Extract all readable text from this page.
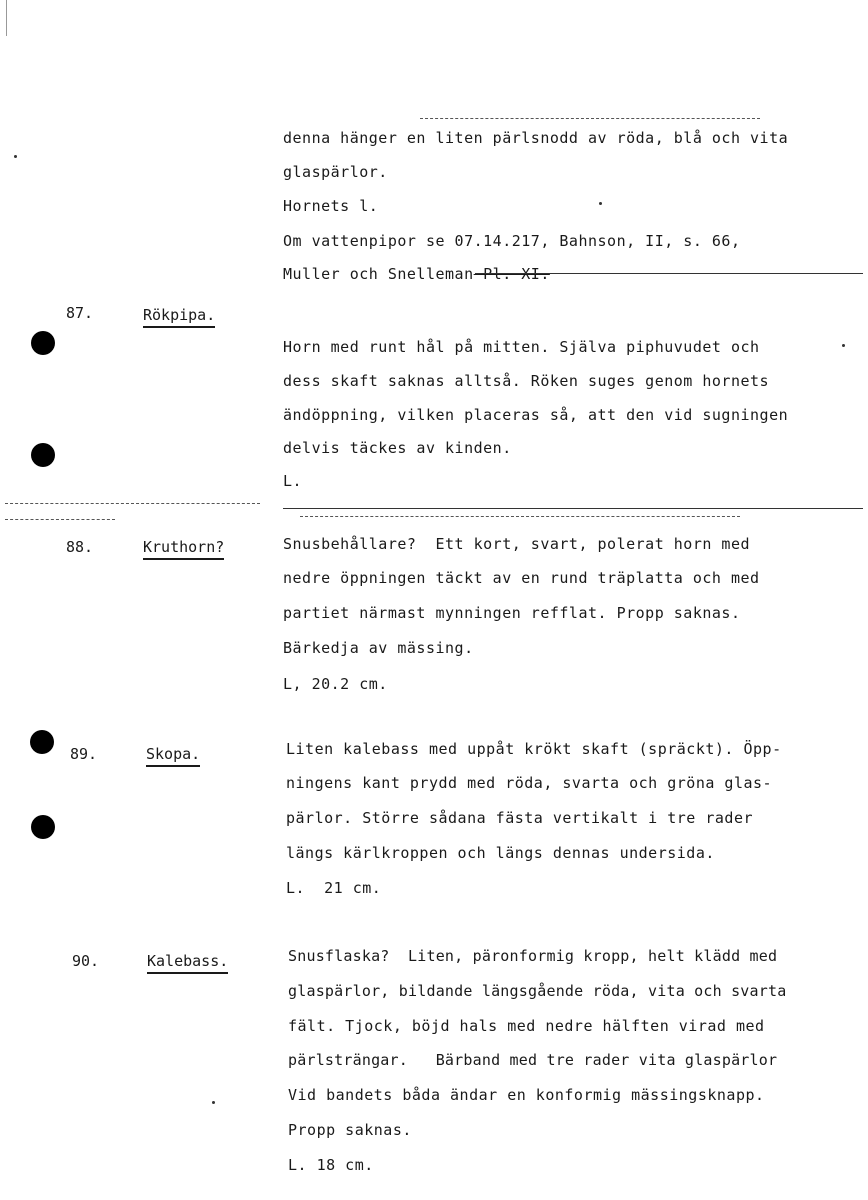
denna hänger en liten pärlsnodd av röda, blå och vita
glaspärlor.
Hornets l.
Om vattenpipor se 07.14.217, Bahnson, II, s. 66,
Muller och Snelleman Pl. XI.
87.	Rökpipa.
Horn med runt hål på mitten. Själva piphuvudet och
dess skaft saknas alltså. Röken suges genom hornets
ändöppning, vilken placeras så, att den vid sugningen
delvis täckes av kinden.
L.
88.	Kruthorn?	Snusbehållare?  Ett kort, svart, polerat horn med
nedre öppningen täckt av en rund träplatta och med
partiet närmast mynningen refflat. Propp saknas.
Bärkedja av mässing.
L, 20.2 cm.
89.	Skopa.	Liten kalebass med uppåt krökt skaft (spräckt). Öpp-
ningens kant prydd med röda, svarta och gröna glas-
pärlor. Större sådana fästa vertikalt i tre rader
längs kärlkroppen och längs dennas undersida.
L.  21 cm.
90.	Kalebass.	Snusflaska?  Liten, päronformig kropp, helt klädd med
glaspärlor, bildande längsgående röda, vita och svarta
fält. Tjock, böjd hals med nedre hälften virad med
pärlsträngar.   Bärband med tre rader vita glaspärlor
Vid bandets båda ändar en konformig mässingsknapp.
Propp saknas.
L. 18 cm.
